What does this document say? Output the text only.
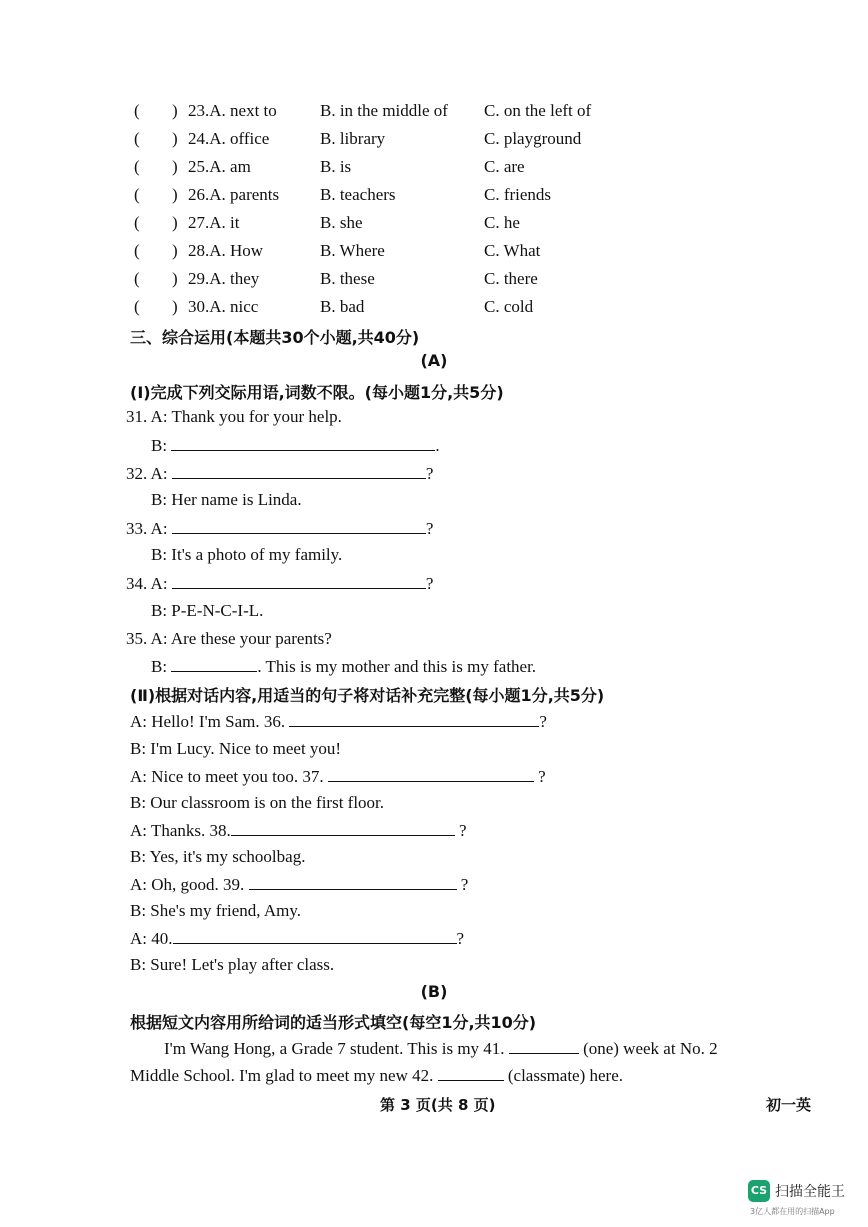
( ) 23.A. next to	B. in the middle of C. on the left of
( ) 24.A. office	B. library	C. playground
( ) 25.A. am	B. is	C. are
( ) 26.A. parents B. teachers	C. friends
( ) 27.A. it	B. she	C. he
( ) 28.A. How	B. Where	C. What
( ) 29.A. they	B. these	C. there
( ) 30.A. nicc	B. bad	C. cold
三、综合运用(本题共30个小题,共40分)
(A)
(Ⅰ)完成下列交际用语,词数不限。(每小题1分,共5分)
31. A: Thank you for your help.
B:	.
32. A:	?
B: Her name is Linda.
33. A:	?
B: It's a photo of my family.
34. A:	?
B: P-E-N-C-I-L.
35. A: Are these your parents?
B:	. This is my mother and this is my father.
(Ⅱ)根据对话内容,用适当的句子将对话补充完整(每小题1分,共5分)
A: Hello! I'm Sam. 36.	?
B: I'm Lucy. Nice to meet you!
A: Nice to meet you too. 37.	?
B: Our classroom is on the first floor.
A: Thanks. 38.	?
B: Yes, it's my schoolbag.
A: Oh, good. 39.	?
B: She's my friend, Amy.
A: 40.	?
B: Sure! Let's play after class.
(B)
根据短文内容用所给词的适当形式填空(每空1分,共10分)
I'm Wang Hong, a Grade 7 student. This is my 41.	(one) week at No. 2
Middle School. I'm glad to meet my new 42.	(classmate) here.
第 3 页(共 8 页)	初一英
CS 扫描全能王
3亿人都在用的扫描App
